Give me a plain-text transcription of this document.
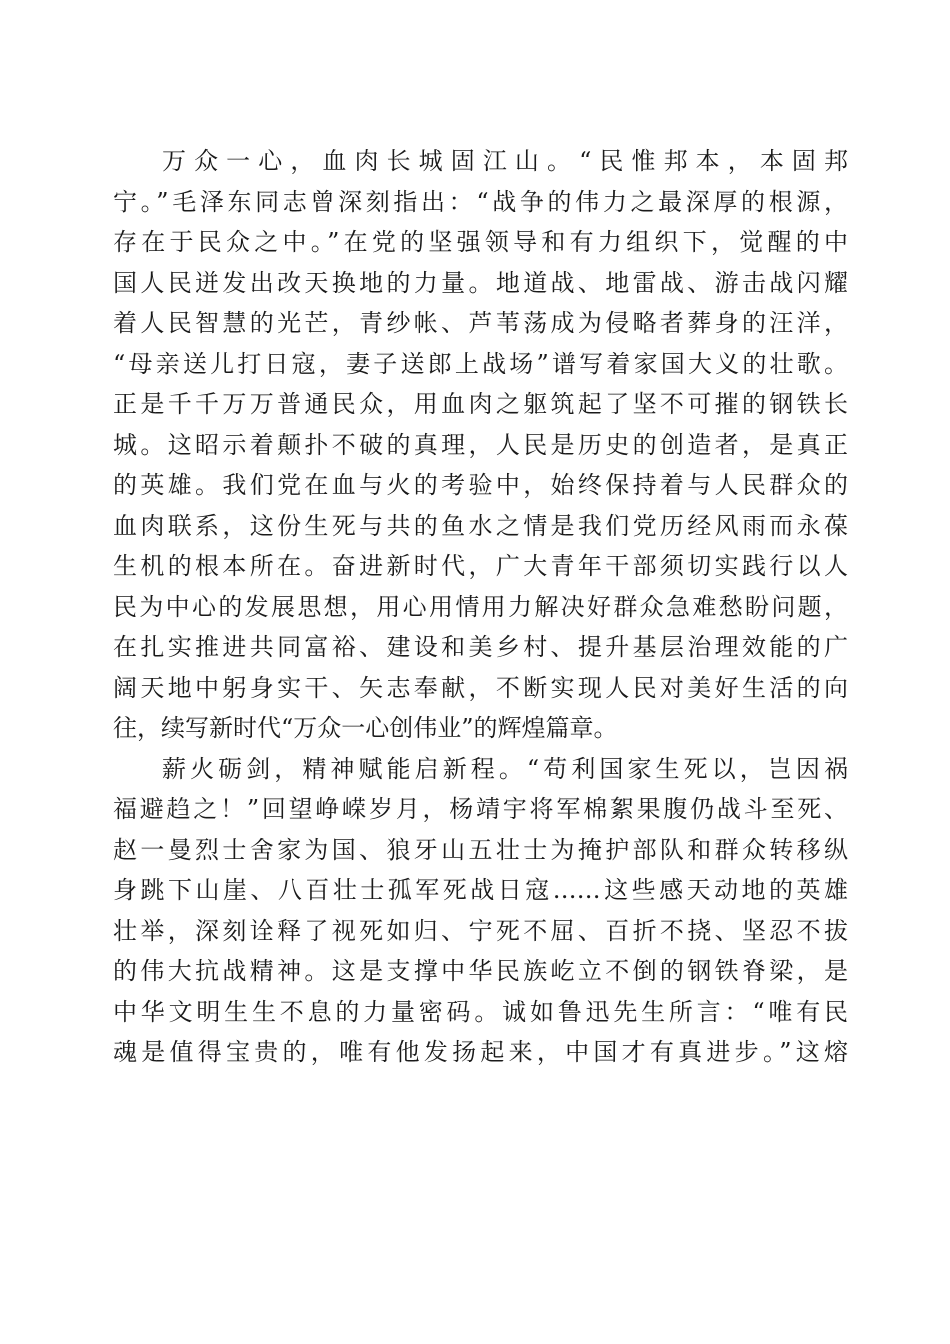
万众一心，血肉长城固江山。“民惟邦本，本固邦
宁。”毛泽东同志曾深刻指出：“战争的伟力之最深厚的根源，
存在于民众之中。”在党的坚强领导和有力组织下，觉醒的中
国人民迸发出改天换地的力量。地道战、地雷战、游击战闪耀
着人民智慧的光芒，青纱帐、芦苇荡成为侵略者葬身的汪洋，
“母亲送儿打日寇，妻子送郎上战场”谱写着家国大义的壮歌。
正是千千万万普通民众，用血肉之躯筑起了坚不可摧的钢铁长
城。这昭示着颠扑不破的真理，人民是历史的创造者，是真正
的英雄。我们党在血与火的考验中，始终保持着与人民群众的
血肉联系，这份生死与共的鱼水之情是我们党历经风雨而永葆
生机的根本所在。奋进新时代，广大青年干部须切实践行以人
民为中心的发展思想，用心用情用力解决好群众急难愁盼问题，
在扎实推进共同富裕、建设和美乡村、提升基层治理效能的广
阔天地中躬身实干、矢志奉献，不断实现人民对美好生活的向
往，续写新时代“万众一心创伟业”的辉煌篇章。
薪火砺剑，精神赋能启新程。“苟利国家生死以，岂因祸
福避趋之！”回望峥嵘岁月，杨靖宇将军棉絮果腹仍战斗至死、
赵一曼烈士舍家为国、狼牙山五壮士为掩护部队和群众转移纵
身跳下山崖、八百壮士孤军死战日寇……这些感天动地的英雄
壮举，深刻诠释了视死如归、宁死不屈、百折不挠、坚忍不拔
的伟大抗战精神。这是支撑中华民族屹立不倒的钢铁脊梁，是
中华文明生生不息的力量密码。诚如鲁迅先生所言：“唯有民
魂是值得宝贵的，唯有他发扬起来，中国才有真进步。”这熔
